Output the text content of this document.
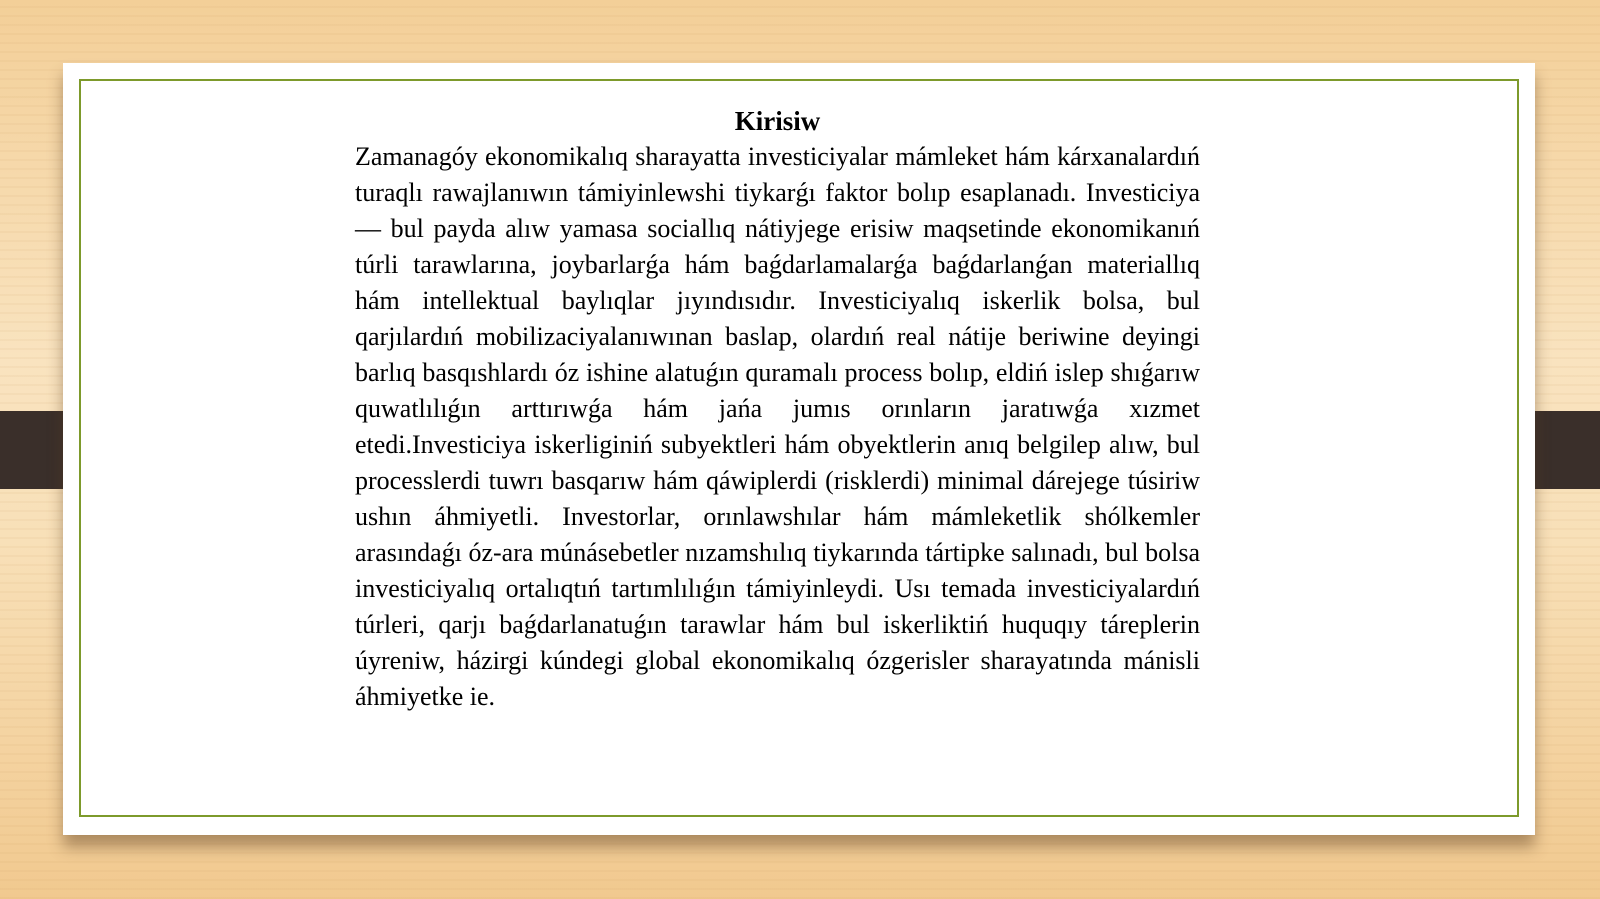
Kirisiw

Zamanagóy ekonomikalıq sharayatta investiciyalar mámleket hám kárxanalardıń turaqlı rawajlanıwın támiyinlewshi tiykarǵı faktor bolıp esaplanadı. Investiciya — bul payda alıw yamasa sociallıq nátiyjege erisiw maqsetinde ekonomikanıń túrli tarawlarına, joybarlarǵa hám baǵdarlamalarǵa baǵdarlanǵan materiallıq hám intellektual baylıqlar jıyındısıdır. Investiciyalıq iskerlik bolsa, bul qarjılardıń mobilizaciyalanıwınan baslap, olardıń real nátije beriwine deyingi barlıq basqıshlardı óz ishine alatuǵın quramalı process bolıp, eldiń islep shıǵarıw quwatlılıǵın arttırıwǵa hám jańa jumıs orınların jaratıwǵa xızmet etedi.Investiciya iskerliginiń subyektleri hám obyektlerin anıq belgilep alıw, bul processlerdi tuwrı basqarıw hám qáwiplerdi (risklerdi) minimal dárejege túsiriw ushın áhmiyetli. Investorlar, orınlawshılar hám mámleketlik shólkemler arasındaǵı óz-ara múnásebetler nızamshılıq tiykarında tártipke salınadı, bul bolsa investiciyalıq ortalıqtıń tartımlılıǵın támiyinleydi. Usı temada investiciyalardıń túrleri, qarjı baǵdarlanatuǵın tarawlar hám bul iskerliktiń huquqıy táreplerin úyreniw, házirgi kúndegi global ekonomikalıq ózgerisler sharayatında mánisli áhmiyetke ie.
